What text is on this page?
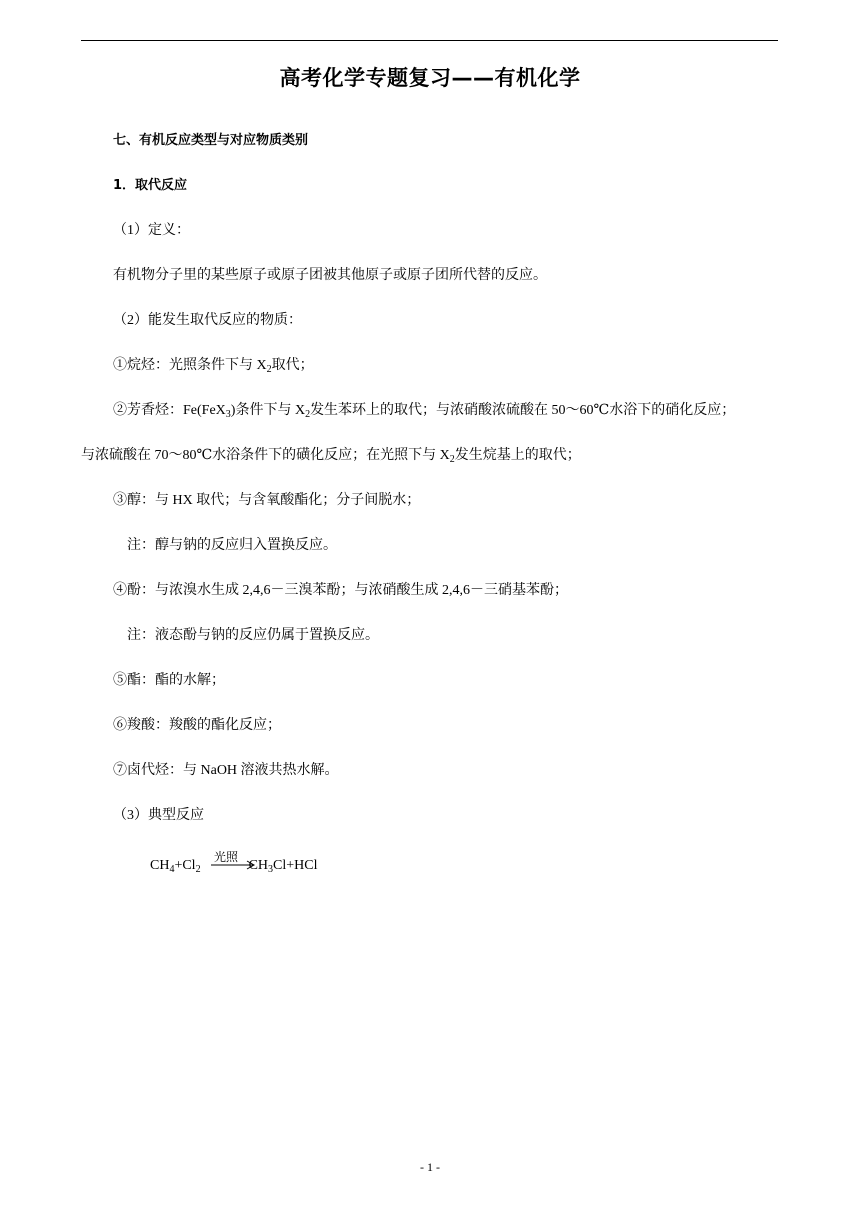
高考化学专题复习——有机化学
七、有机反应类型与对应物质类别
1．取代反应
（1）定义：
有机物分子里的某些原子或原子团被其他原子或原子团所代替的反应。
（2）能发生取代反应的物质：
①烷烃：光照条件下与 $X_2$取代；
②芳香烃：Fe(FeX$_3$)条件下与 $X_2$发生苯环上的取代；与浓硝酸浓硫酸在 50～60℃水浴下的硝化反应；
与浓硫酸在 70～80℃水浴条件下的磺化反应；在光照下与 $X_2$发生烷基上的取代；
③醇：与 HX 取代；与含氧酸酯化；分子间脱水；
注：醇与钠的反应归入置换反应。
④酚：与浓溴水生成 2,4,6－三溴苯酚；与浓硝酸生成 2,4,6－三硝基苯酚；
注：液态酚与钠的反应仍属于置换反应。
⑤酯：酯的水解；
⑥羧酸：羧酸的酯化反应；
⑦卤代烃：与 NaOH 溶液共热水解。
（3）典型反应
$CH_4+Cl_2$	$CH_3Cl+HCl$
光照
- 1 -
